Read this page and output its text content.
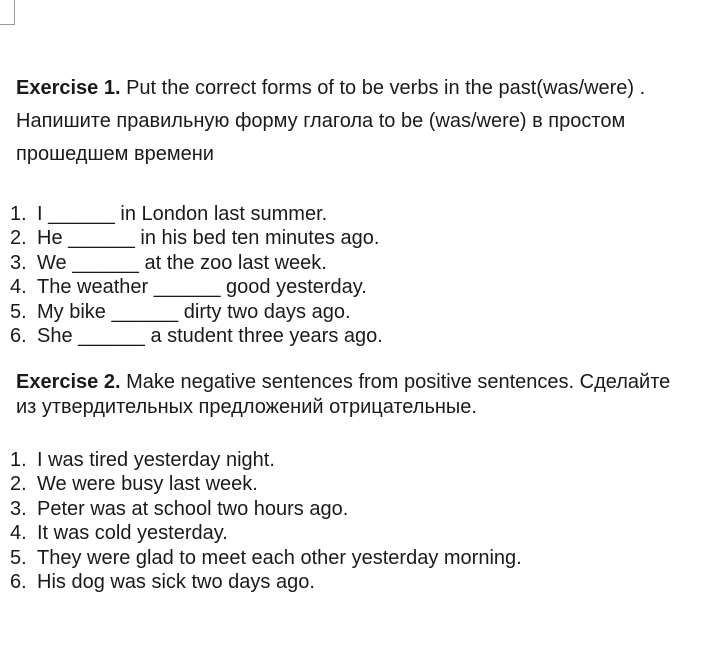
Exercise 1. Put the correct forms of to be verbs in the past(was/were) .
Напишите правильную форму глагола to be (was/were) в простом
прошедшем времени
1. I ______ in London last summer.
2. He ______ in his bed ten minutes ago.
3. We ______ at the zoo last week.
4. The weather ______ good yesterday.
5. My bike ______ dirty two days ago.
6. She ______ a student three years ago.
Exercise 2. Make negative sentences from positive sentences. Сделайте
из утвердительных предложений отрицательные.
1. I was tired yesterday night.
2. We were busy last week.
3. Peter was at school two hours ago.
4. It was cold yesterday.
5. They were glad to meet each other yesterday morning.
6. His dog was sick two days ago.
